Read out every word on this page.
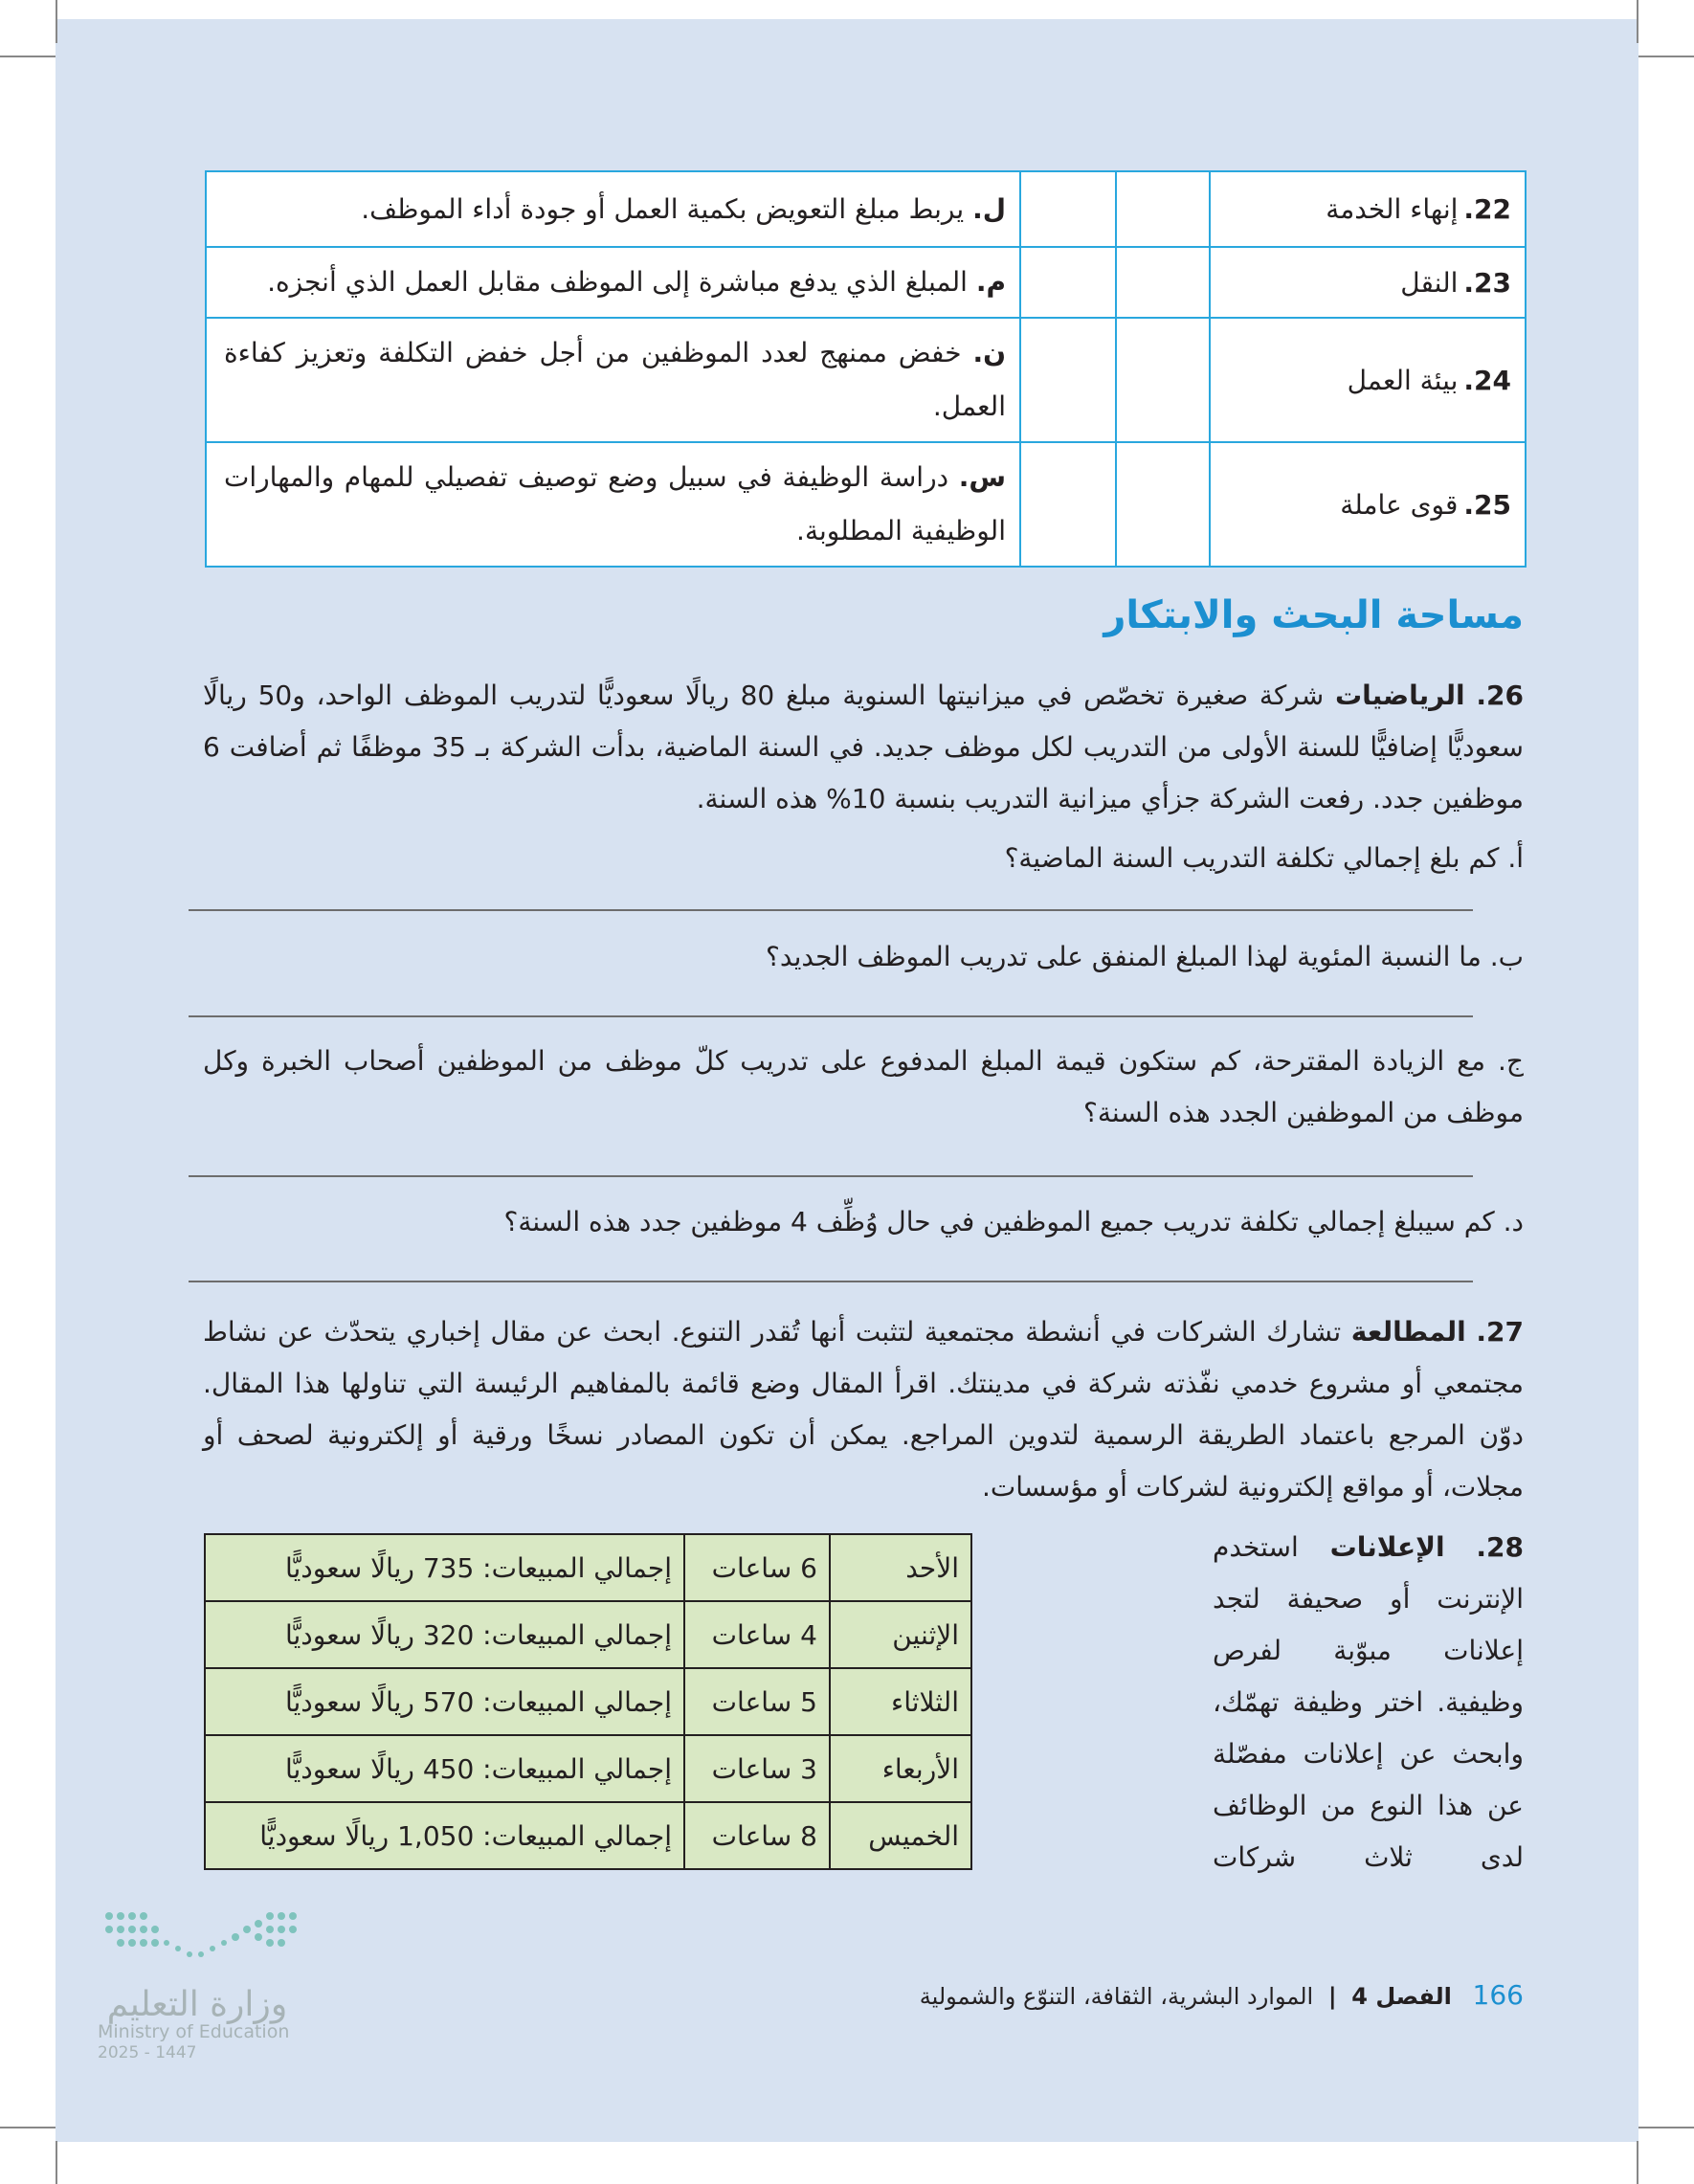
22.إنهاء الخدمة			ل. يربط مبلغ التعويض بكمية العمل أو جودة أداء الموظف.
23.النقل			م. المبلغ الذي يدفع مباشرة إلى الموظف مقابل العمل الذي أنجزه.
24.بيئة العمل			ن. خفض ممنهج لعدد الموظفين من أجل خفض التكلفة وتعزيز كفاءة العمل.
25.قوى عاملة			س. دراسة الوظيفة في سبيل وضع توصيف تفصيلي للمهام والمهارات الوظيفية المطلوبة.
مساحة البحث والابتكار
26. الرياضيات شركة صغيرة تخصّص في ميزانيتها السنوية مبلغ 80 ريالًا سعوديًّا لتدريب الموظف الواحد، و50 ريالًا سعوديًّا إضافيًّا للسنة الأولى من التدريب لكل موظف جديد. في السنة الماضية، بدأت الشركة بـ 35 موظفًا ثم أضافت 6 موظفين جدد. رفعت الشركة جزأي ميزانية التدريب بنسبة 10% هذه السنة.
أ. كم بلغ إجمالي تكلفة التدريب السنة الماضية؟
ب. ما النسبة المئوية لهذا المبلغ المنفق على تدريب الموظف الجديد؟
ج. مع الزيادة المقترحة، كم ستكون قيمة المبلغ المدفوع على تدريب كلّ موظف من الموظفين أصحاب الخبرة وكل موظف من الموظفين الجدد هذه السنة؟
د. كم سيبلغ إجمالي تكلفة تدريب جميع الموظفين في حال وُظِّف 4 موظفين جدد هذه السنة؟
27. المطالعة تشارك الشركات في أنشطة مجتمعية لتثبت أنها تُقدر التنوع. ابحث عن مقال إخباري يتحدّث عن نشاط مجتمعي أو مشروع خدمي نفّذته شركة في مدينتك. اقرأ المقال وضع قائمة بالمفاهيم الرئيسة التي تناولها هذا المقال. دوّن المرجع باعتماد الطريقة الرسمية لتدوين المراجع. يمكن أن تكون المصادر نسخًا ورقية أو إلكترونية لصحف أو مجلات، أو مواقع إلكترونية لشركات أو مؤسسات.
28. الإعلانات استخدم الإنترنت أو صحيفة لتجد إعلانات مبوّبة لفرص وظيفية. اختر وظيفة تهمّك، وابحث عن إعلانات مفصّلة عن هذا النوع من الوظائف لدى ثلاث شركات
الأحد	6 ساعات	إجمالي المبيعات: 735 ريالًا سعوديًّا
الإثنين	4 ساعات	إجمالي المبيعات: 320 ريالًا سعوديًّا
الثلاثاء	5 ساعات	إجمالي المبيعات: 570 ريالًا سعوديًّا
الأربعاء	3 ساعات	إجمالي المبيعات: 450 ريالًا سعوديًّا
الخميس	8 ساعات	إجمالي المبيعات: 1,050 ريالًا سعوديًّا
166 الفصل 4 | الموارد البشرية، الثقافة، التنوّع والشمولية
وزارة التعليم
Ministry of Education
2025 - 1447
